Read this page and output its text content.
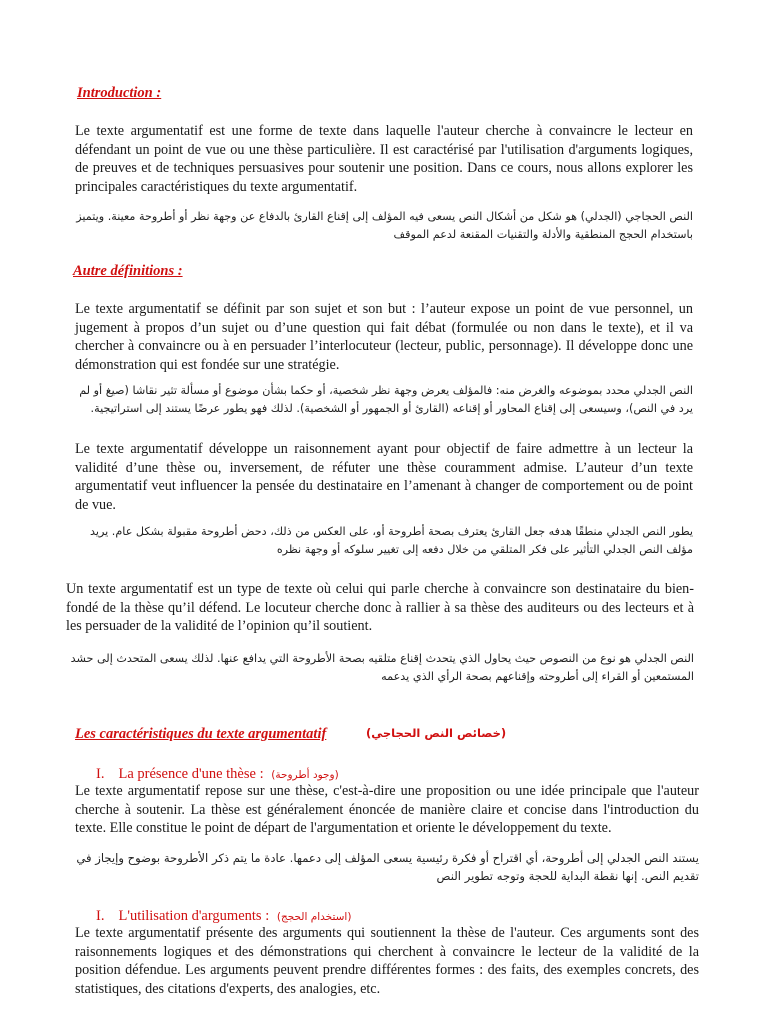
Introduction :
Le texte argumentatif est une forme de texte dans laquelle l'auteur cherche à convaincre le lecteur en défendant un point de vue ou une thèse particulière. Il est caractérisé par l'utilisation d'arguments logiques, de preuves et de techniques persuasives pour soutenir une position. Dans ce cours, nous allons explorer les principales caractéristiques du texte argumentatif.
النص الحجاجي (الجدلي) هو شكل من أشكال النص يسعى فيه المؤلف إلى إقناع القارئ بالدفاع عن وجهة نظر أو أطروحة معينة. ويتميز باستخدام الحجج المنطقية والأدلة والتقنيات المقنعة لدعم الموقف
Autre définitions :
Le texte argumentatif se définit par son sujet et son but : l’auteur expose un point de vue personnel, un jugement à propos d’un sujet ou d’une question qui fait débat (formulée ou non dans le texte), et il va chercher à convaincre ou à en persuader l’interlocuteur (lecteur, public, personnage). Il développe donc une démonstration qui est fondée sur une stratégie.
النص الجدلي محدد بموضوعه والغرض منه: فالمؤلف يعرض وجهة نظر شخصية، أو حكما بشأن موضوع أو مسألة تثير نقاشا (صيغ أو لم يرد في النص)، وسيسعى إلى إقناع المحاور أو إقناعه (القارئ أو الجمهور أو الشخصية). لذلك فهو يطور عرضًا يستند إلى استراتيجية.
Le texte argumentatif développe un raisonnement ayant pour objectif de faire admettre à un lecteur la validité d’une thèse ou, inversement, de réfuter une thèse couramment admise. L’auteur d’un texte argumentatif veut influencer la pensée du destinataire en l’amenant à changer de comportement ou de point de vue.
يطور النص الجدلي منطقًا هدفه جعل القارئ يعترف بصحة أطروحة أو، على العكس من ذلك، دحض أطروحة مقبولة بشكل عام. يريد مؤلف النص الجدلي التأثير على فكر المتلقي من خلال دفعه إلى تغيير سلوكه أو وجهة نظره
Un texte argumentatif est un type de texte où celui qui parle cherche à convaincre son destinataire du bien-fondé de la thèse qu’il défend. Le locuteur cherche donc à rallier à sa thèse des auditeurs ou des lecteurs et à les persuader de la validité de l’opinion qu’il soutient.
النص الجدلي هو نوع من النصوص حيث يحاول الذي يتحدث إقناع متلقيه بصحة الأطروحة التي يدافع عنها. لذلك يسعى المتحدث إلى حشد المستمعين أو القراء إلى أطروحته وإقناعهم بصحة الرأي الذي يدعمه
Les caractéristiques du texte argumentatif	(خصائص النص الحجاجي)
I. La présence d'une thèse : (وجود أطروحة)
Le texte argumentatif repose sur une thèse, c'est-à-dire une proposition ou une idée principale que l'auteur cherche à soutenir. La thèse est généralement énoncée de manière claire et concise dans l'introduction du texte. Elle constitue le point de départ de l'argumentation et oriente le développement du texte.
يستند النص الجدلي إلى أطروحة، أي اقتراح أو فكرة رئيسية يسعى المؤلف إلى دعمها. عادة ما يتم ذكر الأطروحة بوضوح وإيجاز في تقديم النص. إنها نقطة البداية للحجة وتوجه تطوير النص
I. L'utilisation d'arguments : (استخدام الحجج)
Le texte argumentatif présente des arguments qui soutiennent la thèse de l'auteur. Ces arguments sont des raisonnements logiques et des démonstrations qui cherchent à convaincre le lecteur de la validité de la position défendue. Les arguments peuvent prendre différentes formes : des faits, des exemples concrets, des statistiques, des citations d'experts, des analogies, etc.
